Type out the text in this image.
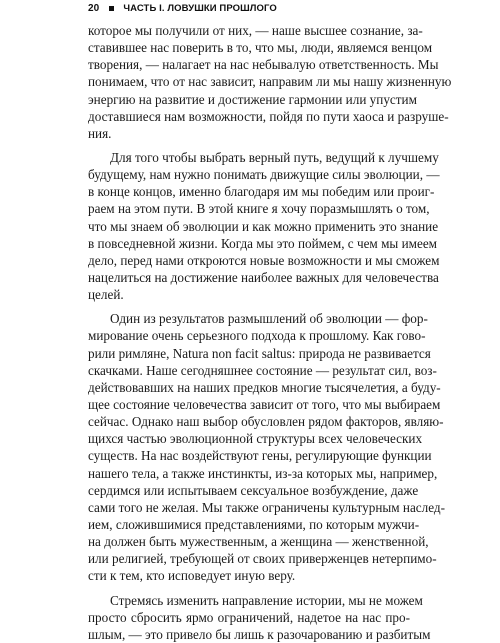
20	ЧАСТЬ I. ЛОВУШКИ ПРОШЛОГО
которое мы получили от них, — наше высшее сознание, за-
ставившее нас поверить в то, что мы, люди, являемся венцом
творения, — налагает на нас небывалую ответственность. Мы
понимаем, что от нас зависит, направим ли мы нашу жизненную
энергию на развитие и достижение гармонии или упустим
доставшиеся нам возможности, пойдя по пути хаоса и разруше-
ния.
Для того чтобы выбрать верный путь, ведущий к лучшему
будущему, нам нужно понимать движущие силы эволюции, —
в конце концов, именно благодаря им мы победим или проиг-
раем на этом пути. В этой книге я хочу поразмышлять о том,
что мы знаем об эволюции и как можно применить это знание
в повседневной жизни. Когда мы это поймем, с чем мы имеем
дело, перед нами откроются новые возможности и мы сможем
нацелиться на достижение наиболее важных для человечества
целей.
Один из результатов размышлений об эволюции — фор-
мирование очень серьезного подхода к прошлому. Как гово-
рили римляне, Natura non facit saltus: природа не развивается
скачками. Наше сегодняшнее состояние — результат сил, воз-
действовавших на наших предков многие тысячелетия, а буду-
щее состояние человечества зависит от того, что мы выбираем
сейчас. Однако наш выбор обусловлен рядом факторов, являю-
щихся частью эволюционной структуры всех человеческих
существ. На нас воздействуют гены, регулирующие функции
нашего тела, а также инстинкты, из-за которых мы, например,
сердимся или испытываем сексуальное возбуждение, даже
сами того не желая. Мы также ограничены культурным наслед-
ием, сложившимися представлениями, по которым мужчи-
на должен быть мужественным, а женщина — женственной,
или религией, требующей от своих приверженцев нетерпимо-
сти к тем, кто исповедует иную веру.
Стремясь изменить направление истории, мы не можем
просто сбросить ярмо ограничений, надетое на нас про-
шлым, — это привело бы лишь к разочарованию и разбитым
